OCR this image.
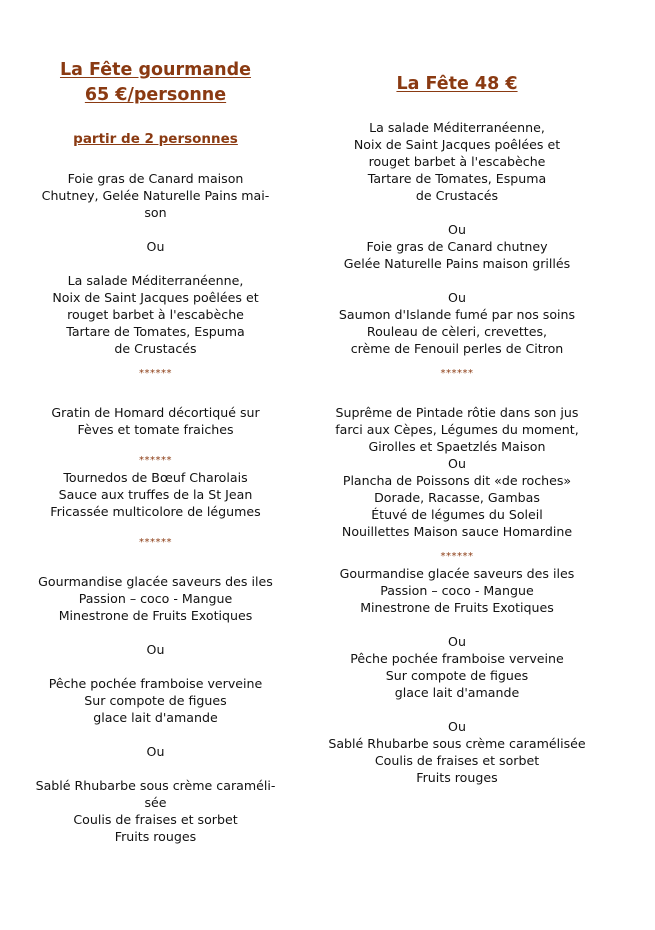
La Fête gourmande
65 €/personne
partir de 2 personnes
Foie gras de Canard maison
Chutney, Gelée Naturelle Pains mai-
son
Ou
La salade Méditerranéenne,
Noix de Saint Jacques poêlées et
rouget barbet à l'escabèche
Tartare de Tomates, Espuma
de Crustacés
******
Gratin de Homard décortiqué sur
Fèves et tomate fraiches
******
Tournedos de Bœuf Charolais
Sauce aux truffes de la St Jean
Fricassée multicolore de légumes
******
Gourmandise glacée saveurs des iles
Passion – coco - Mangue
Minestrone de Fruits Exotiques
Ou
Pêche pochée framboise verveine
Sur compote de figues
glace lait d'amande
Ou
Sablé Rhubarbe sous crème caraméli-
sée
Coulis de fraises et sorbet
Fruits rouges
La Fête 48 €
La salade Méditerranéenne,
Noix de Saint Jacques poêlées et
rouget barbet à l'escabèche
Tartare de Tomates, Espuma
de Crustacés
Ou
Foie gras de Canard chutney
Gelée Naturelle Pains maison grillés
Ou
Saumon d'Islande fumé par nos soins
Rouleau de cèleri, crevettes,
crème de Fenouil perles de Citron
******
Suprême de Pintade rôtie dans son jus
farci aux Cèpes, Légumes du moment,
Girolles et Spaetzlés Maison
Ou
Plancha de Poissons dit «de roches»
Dorade, Racasse, Gambas
Étuvé de légumes du Soleil
Nouillettes Maison sauce Homardine
******
Gourmandise glacée saveurs des iles
Passion – coco - Mangue
Minestrone de Fruits Exotiques
Ou
Pêche pochée framboise verveine
Sur compote de figues
glace lait d'amande
Ou
Sablé Rhubarbe sous crème caramélisée
Coulis de fraises et sorbet
Fruits rouges
